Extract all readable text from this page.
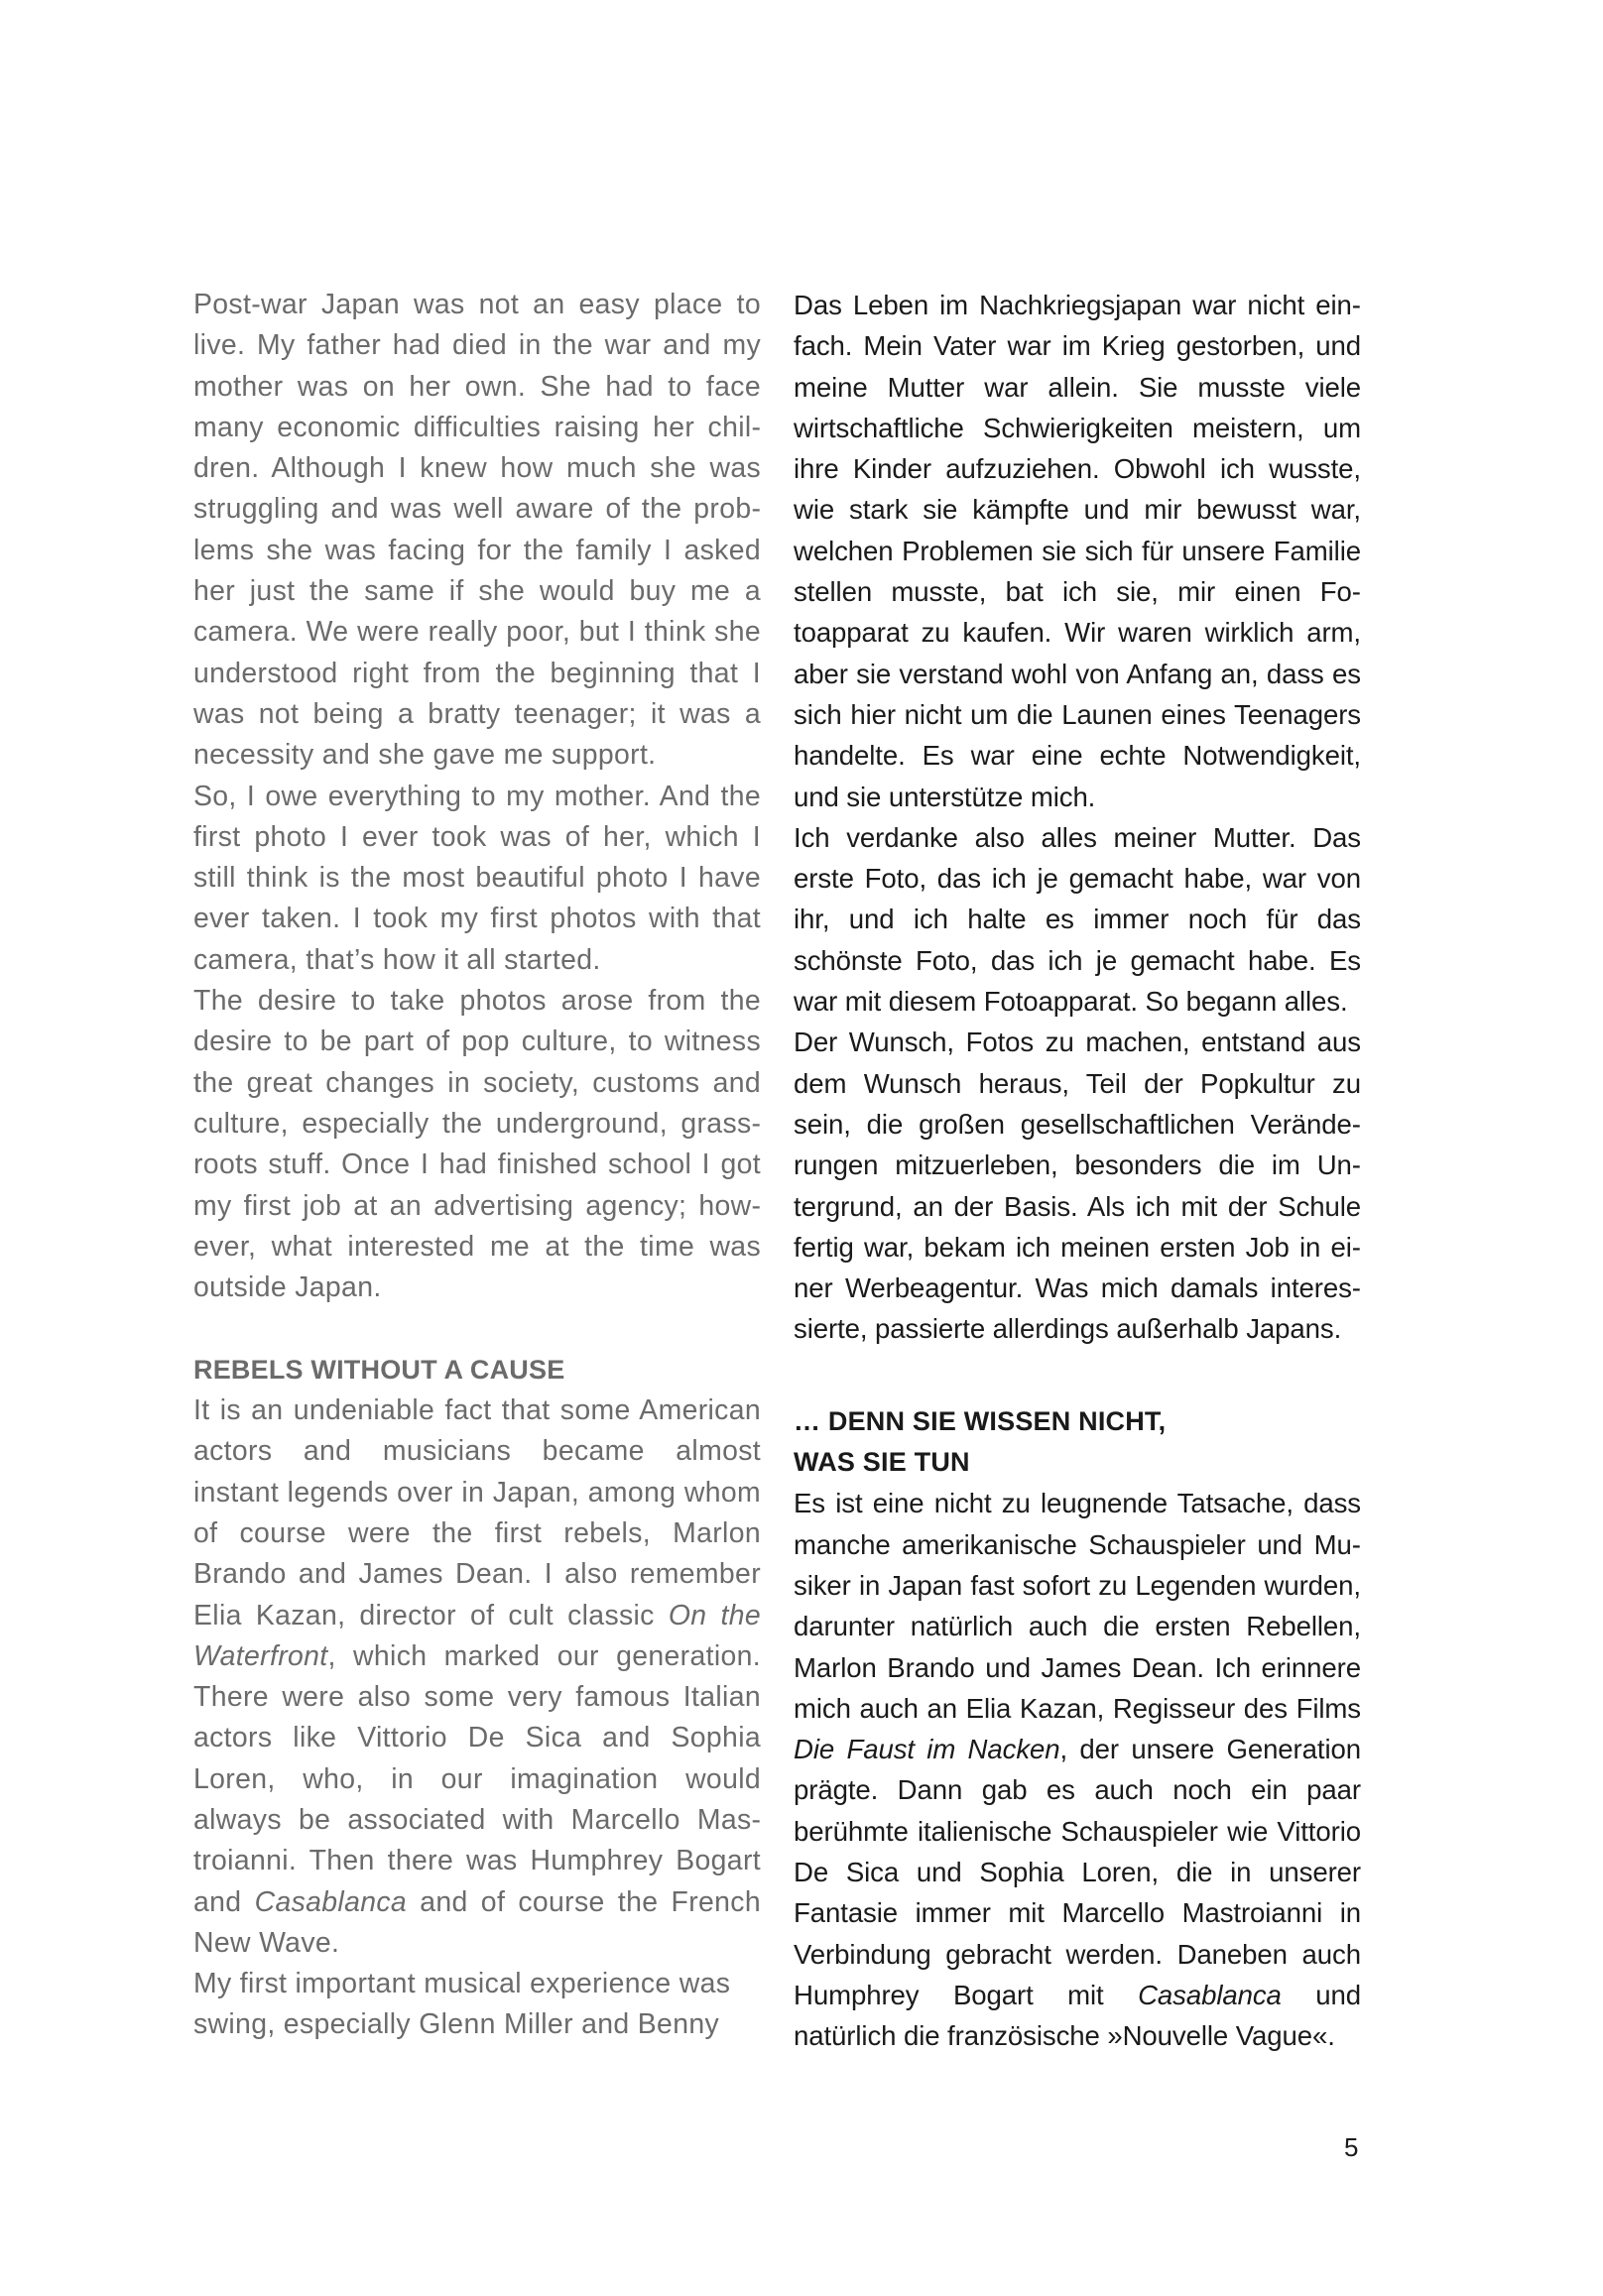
Post-war Japan was not an easy place to live. My father had died in the war and my mother was on her own. She had to face many economic difficulties raising her children. Although I knew how much she was struggling and was well aware of the problems she was facing for the family I asked her just the same if she would buy me a camera. We were really poor, but I think she understood right from the beginning that I was not being a bratty teenager; it was a necessity and she gave me support.

So, I owe everything to my mother. And the first photo I ever took was of her, which I still think is the most beautiful photo I have ever taken. I took my first photos with that camera, that’s how it all started.

The desire to take photos arose from the desire to be part of pop culture, to witness the great changes in society, customs and culture, especially the underground, grassroots stuff. Once I had finished school I got my first job at an advertising agency; however, what interested me at the time was outside Japan.

REBELS WITHOUT A CAUSE

It is an undeniable fact that some American actors and musicians became almost instant legends over in Japan, among whom of course were the first rebels, Marlon Brando and James Dean. I also remember Elia Kazan, director of cult classic On the Waterfront, which marked our generation. There were also some very famous Italian actors like Vittorio De Sica and Sophia Loren, who, in our imagination would always be associated with Marcello Mastroianni. Then there was Humphrey Bogart and Casablanca and of course the French New Wave.

My first important musical experience was swing, especially Glenn Miller and Benny

Das Leben im Nachkriegsjapan war nicht einfach. Mein Vater war im Krieg gestorben, und meine Mutter war allein. Sie musste viele wirtschaftliche Schwierigkeiten meistern, um ihre Kinder aufzuziehen. Obwohl ich wusste, wie stark sie kämpfte und mir bewusst war, welchen Problemen sie sich für unsere Familie stellen musste, bat ich sie, mir einen Fotoapparat zu kaufen. Wir waren wirklich arm, aber sie verstand wohl von Anfang an, dass es sich hier nicht um die Launen eines Teenagers handelte. Es war eine echte Notwendigkeit, und sie unterstütze mich.

Ich verdanke also alles meiner Mutter. Das erste Foto, das ich je gemacht habe, war von ihr, und ich halte es immer noch für das schönste Foto, das ich je gemacht habe. Es war mit diesem Fotoapparat. So begann alles.

Der Wunsch, Fotos zu machen, entstand aus dem Wunsch heraus, Teil der Popkultur zu sein, die großen gesellschaftlichen Veränderungen mitzuerleben, besonders die im Untergrund, an der Basis. Als ich mit der Schule fertig war, bekam ich meinen ersten Job in einer Werbeagentur. Was mich damals interessierte, passierte allerdings außerhalb Japans.

… DENN SIE WISSEN NICHT,
WAS SIE TUN

Es ist eine nicht zu leugnende Tatsache, dass manche amerikanische Schauspieler und Musiker in Japan fast sofort zu Legenden wurden, darunter natürlich auch die ersten Rebellen, Marlon Brando und James Dean. Ich erinnere mich auch an Elia Kazan, Regisseur des Films Die Faust im Nacken, der unsere Generation prägte. Dann gab es auch noch ein paar berühmte italienische Schauspieler wie Vittorio De Sica und Sophia Loren, die in unserer Fantasie immer mit Marcello Mastroianni in Verbindung gebracht werden. Daneben auch Humphrey Bogart mit Casablanca und natürlich die französische »Nouvelle Vague«.

5
